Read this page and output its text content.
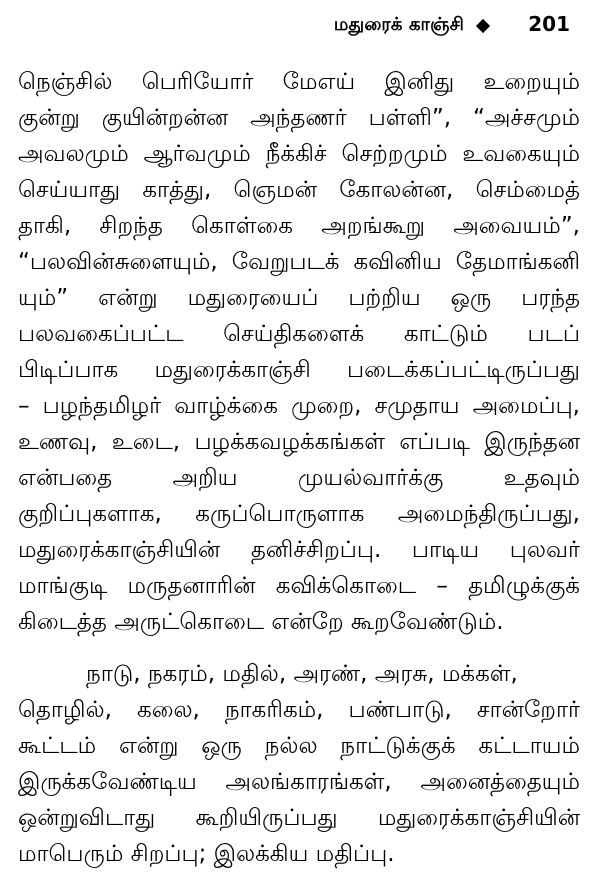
மதுரைக் காஞ்சி	201
நெஞ்சில் பெரியோர் மேஎய் இனிது உறையும்
குன்று குயின்றன்ன அந்தணர் பள்ளி”, “அச்சமும்
அவலமும் ஆர்வமும் நீக்கிச் செற்றமும் உவகையும்
செய்யாது காத்து, ஞெமன் கோலன்ன, செம்மைத்
தாகி, சிறந்த கொள்கை அறங்கூறு அவையம்”,
“பலவின்சுளையும், வேறுபடக் கவினிய தேமாங்கனி
யும்” என்று மதுரையைப் பற்றிய ஒரு பரந்த
பலவகைப்பட்ட செய்திகளைக் காட்டும் படப்
பிடிப்பாக மதுரைக்காஞ்சி படைக்கப்பட்டிருப்பது
– பழந்தமிழர் வாழ்க்கை முறை, சமுதாய அமைப்பு,
உணவு, உடை, பழக்கவழக்கங்கள் எப்படி இருந்தன
என்பதை அறிய முயல்வார்க்கு உதவும்
குறிப்புகளாக, கருப்பொருளாக அமைந்திருப்பது,
மதுரைக்காஞ்சியின் தனிச்சிறப்பு. பாடிய புலவர்
மாங்குடி மருதனாரின் கவிக்கொடை – தமிழுக்குக்
கிடைத்த அருட்கொடை என்றே கூறவேண்டும்.
நாடு, நகரம், மதில், அரண், அரசு, மக்கள்,
தொழில், கலை, நாகரிகம், பண்பாடு, சான்றோர்
கூட்டம் என்று ஒரு நல்ல நாட்டுக்குக் கட்டாயம்
இருக்கவேண்டிய அலங்காரங்கள், அனைத்தையும்
ஒன்றுவிடாது கூறியிருப்பது மதுரைக்காஞ்சியின்
மாபெரும் சிறப்பு; இலக்கிய மதிப்பு.
